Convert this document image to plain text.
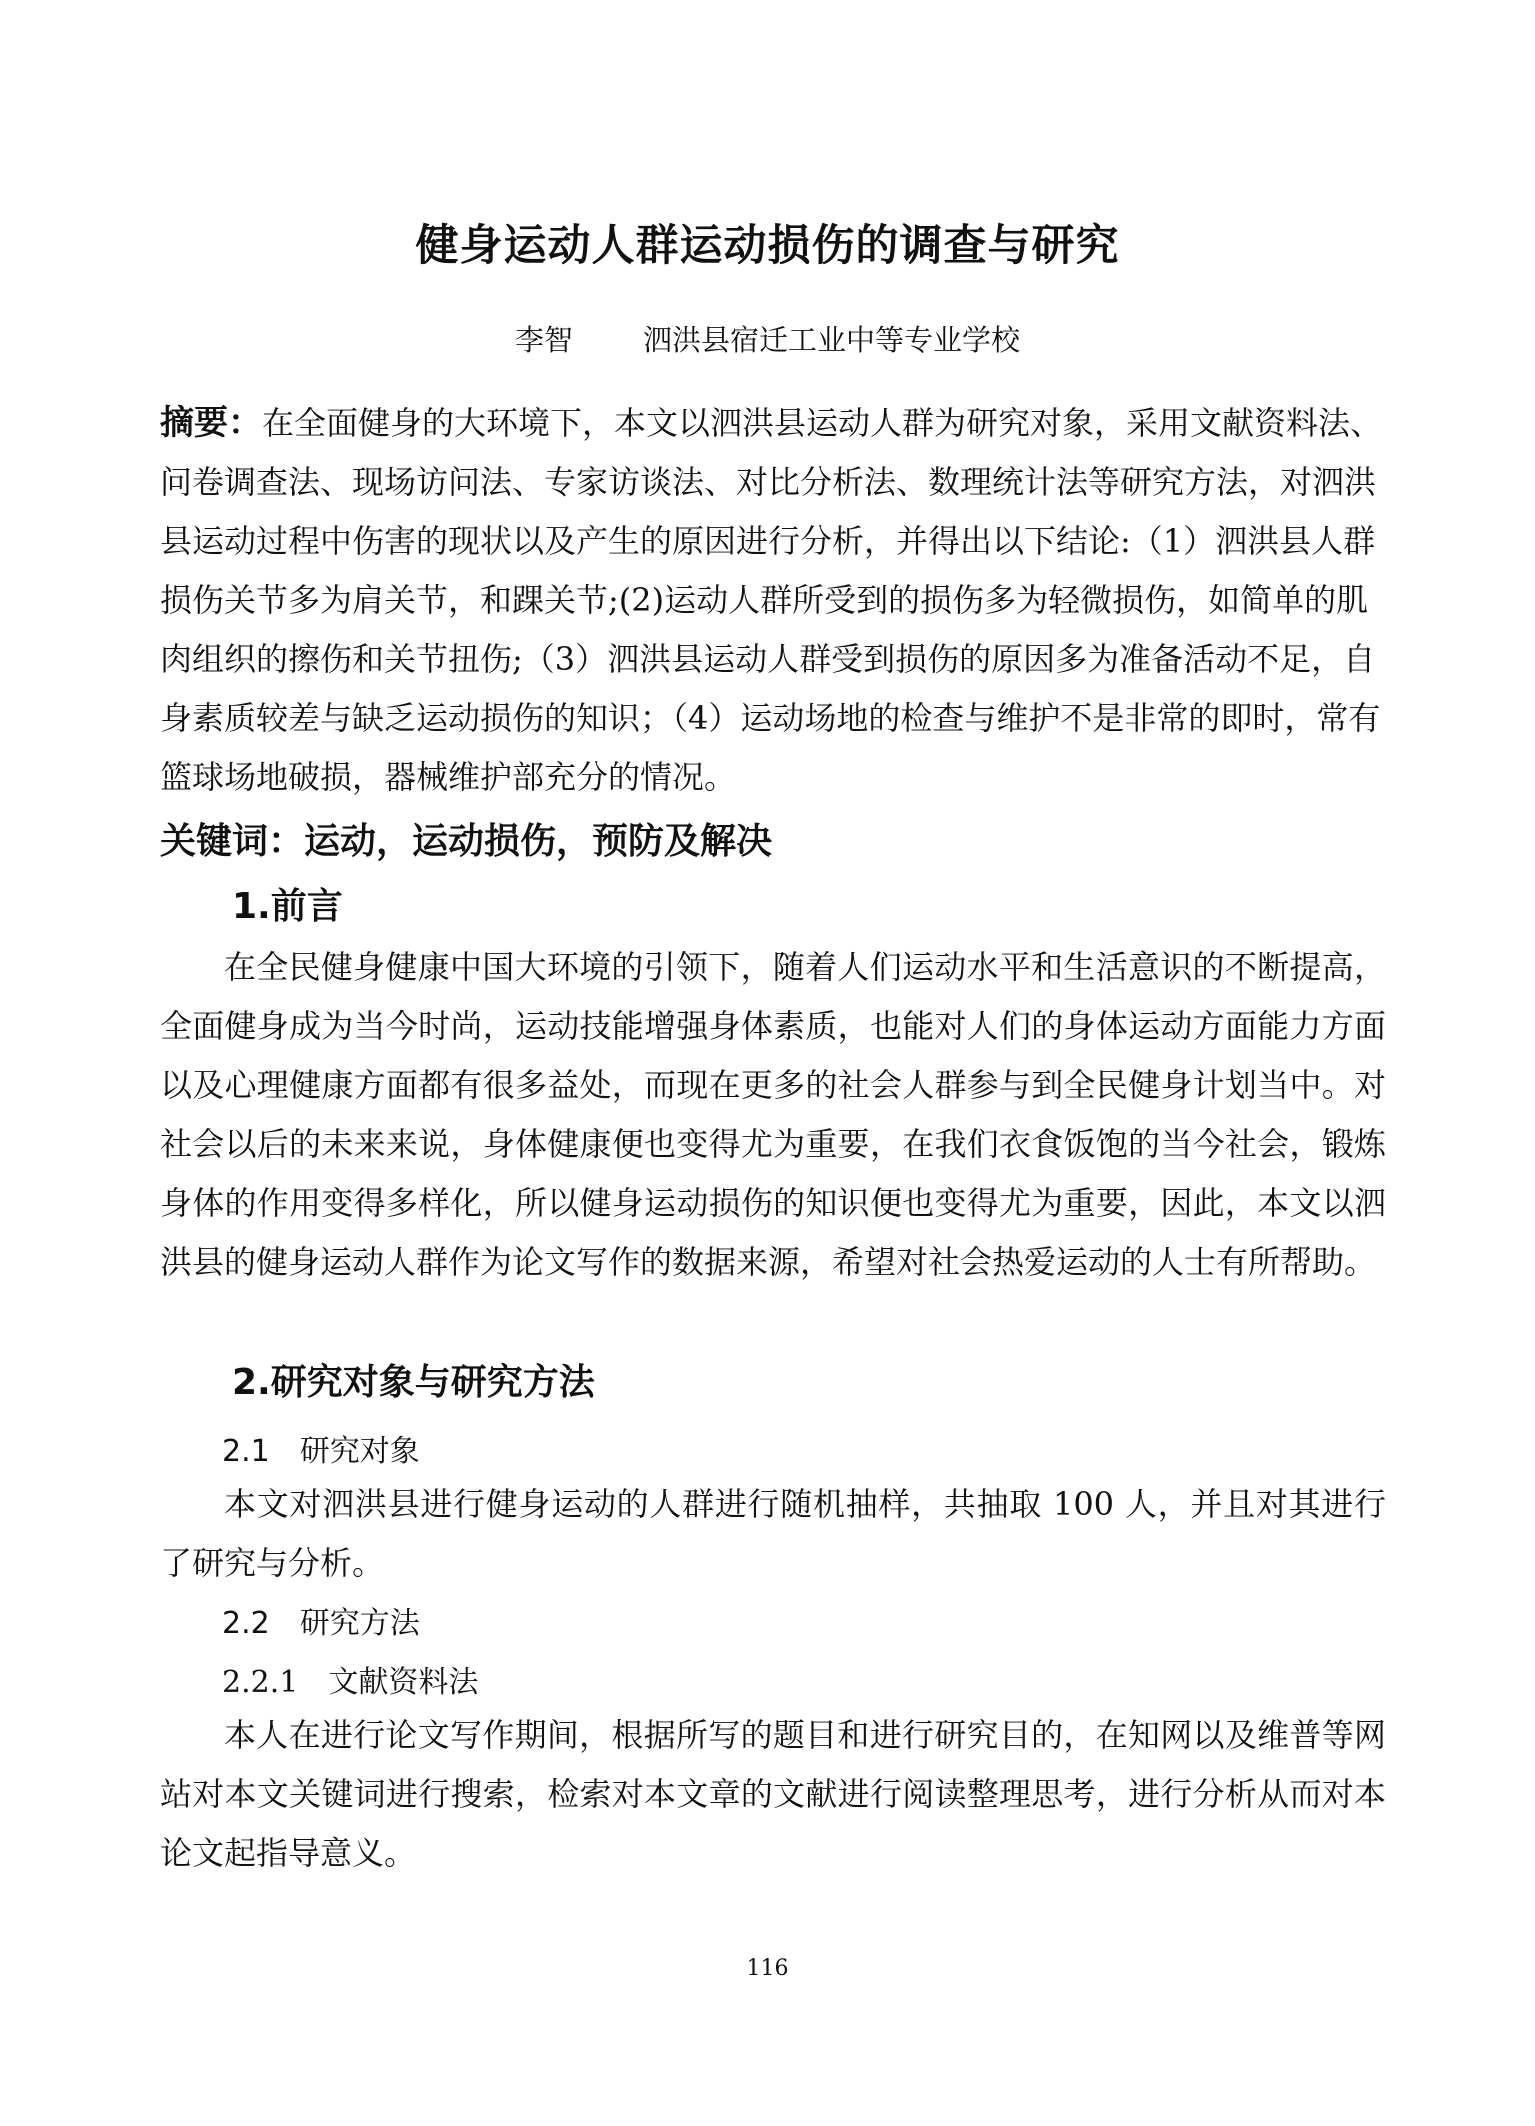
健身运动人群运动损伤的调查与研究
李智 泗洪县宿迁工业中等专业学校

摘要：在全面健身的大环境下，本文以泗洪县运动人群为研究对象，采用文献资料法、问卷调查法、现场访问法、专家访谈法、对比分析法、数理统计法等研究方法，对泗洪县运动过程中伤害的现状以及产生的原因进行分析，并得出以下结论:（1）泗洪县人群损伤关节多为肩关节，和踝关节;(2)运动人群所受到的损伤多为轻微损伤，如简单的肌肉组织的擦伤和关节扭伤;（3）泗洪县运动人群受到损伤的原因多为准备活动不足，自身素质较差与缺乏运动损伤的知识；（4）运动场地的检查与维护不是非常的即时，常有篮球场地破损，器械维护部充分的情况。

关键词：运动，运动损伤，预防及解决
1.前言

在全民健身健康中国大环境的引领下，随着人们运动水平和生活意识的不断提高，全面健身成为当今时尚，运动技能增强身体素质，也能对人们的身体运动方面能力方面以及心理健康方面都有很多益处，而现在更多的社会人群参与到全民健身计划当中。对社会以后的未来来说，身体健康便也变得尤为重要，在我们衣食饭饱的当今社会，锻炼身体的作用变得多样化，所以健身运动损伤的知识便也变得尤为重要，因此，本文以泗洪县的健身运动人群作为论文写作的数据来源，希望对社会热爱运动的人士有所帮助。

2.研究对象与研究方法
2.1　研究对象

本文对泗洪县进行健身运动的人群进行随机抽样，共抽取 100 人，并且对其进行了研究与分析。

2.2　研究方法
2.2.1　文献资料法

本人在进行论文写作期间，根据所写的题目和进行研究目的，在知网以及维普等网站对本文关键词进行搜索，检索对本文章的文献进行阅读整理思考，进行分析从而对本论文起指导意义。

116
